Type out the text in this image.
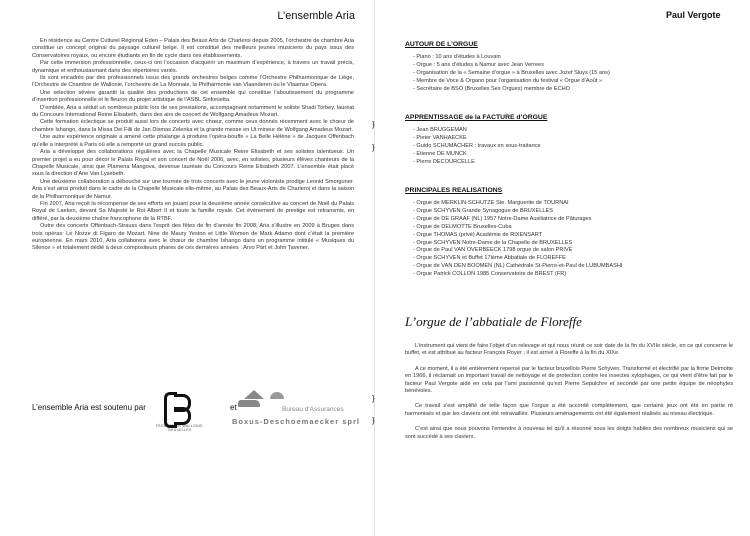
L’ensemble Aria

En résidence au Centre Culturel Régional Eden – Palais des Beaux Arts de Charleroi depuis 2005, l’orchestre de chambre Aria constitue un concept original du paysage culturel belge. Il est constitué des meilleurs jeunes musiciens du pays issus des Conservatoires royaux, ou encore étudiants en fin de cycle dans ces établissements.

Par cette immersion professionnelle, ceux-ci ont l’occasion d’acquérir un maximum d’expérience, à travers un travail précis, dynamique et enthousiasmant dans des répertoires variés.

Ils sont encadrés par des professionnels issus des grands orchestres belges comme l’Orchestre Philharmonique de Liège, l’Orchestre de Chambre de Wallonie, l’orchestre de La Monnaie, la Philharmonie van Vlaanderen ou le Vlaamse Opera.

Une sélection sévère garantit la qualité des productions de cet ensemble qui constitue l’aboutissement du programme d’insertion professionnelle et le fleuron du projet artistique de l’ASBL Sinfonietta.

D’emblée, Aria a séduit un nombreux public lors de ses prestations, accompagnant notamment le soliste Shadi Torbey, lauréat du Concours International Reine Elisabeth, dans des airs de concert de Wolfgang Amadeus Mozart.

Cette formation éclectique se produit aussi lors de concerts avec chœur, comme ceux donnés récemment avec le chœur de chambre Ishango, dans la Missa Dei Filii de Jan Dismas Zelenka et la grande messe en Ut mineur de Wolfgang Amadeus Mozart.

Une autre expérience originale a amené cette phalange à produire l’opéra-bouffe « La Belle Hélène » de Jacques Offenbach qu’elle a interprété à Paris où elle a remporté un grand succès public.

Aria a développé des collaborations régulières avec la Chapelle Musicale Reine Elisabeth et ses solistes talentueux. Un premier projet a eu pour décor le Palais Royal et son concert de Noël 2006, avec, en solistes, plusieurs élèves chanteurs de la Chapelle Musicale, ainsi que Plamena Mangova, devenue lauréate du Concours Reine Elisabeth 2007. L’ensemble était placé sous la direction d’Arie Van Lysebeth.

Une deuxième collaboration a débouché sur une tournée de trois concerts avec le jeune violoniste prodige Leonid Smorguner. Aria s’est ainsi produit dans le cadre de la Chapelle Musicale elle-même, au Palais des Beaux-Arts de Charleroi et dans la saison de la Philharmonique de Namur.

Fin 2007, Aria reçoit la récompense de ses efforts en jouant pour la deuxième année consécutive au concert de Noël du Palais Royal de Laeken, devant Sa Majesté le Roi Albert II et toute la famille royale. Cet événement de prestige est retransmis, en différé, par la deuxième chaîne francophone de la RTBF.

Outre des concerts Offenbach-Strauss dans l’esprit des fêtes de fin d’année fin 2008, Aria s’illustre en 2009 à Bruges dans trois opéras: Le Nozze di Figaro de Mozart, Nine de Maury Yeston et Little Women de Mark Adamo dont c’était la première européenne. En mars 2010, Aria collaborera avec le chœur de chambre Ishango dans un programme intitulé « Musiques du Silence » et totalement dédié à deux compositeurs phares de ces dernières années : Arvo Pärt et John Tavener.

L’ensemble Aria est soutenu par
FÉDÉRATION WALLONIE-BRUXELLES
et	Bureau d'Assurances
Boxus-Deschoemaecker sprl
Paul Vergote
AUTOUR DE L’ORGUE
- Piano : 10 ans d’études à Louvain
- Orgue : 5 ans d’études à Namur avec Jean Verrees
- Organisation de la « Semaine d’orgue » à Bruxelles avec Jozef Sluys (15 ans)
- Membre de Voce & Organo pour l’organisation du festival « Orgue d’Août »
- Secrétaire de BSO (Bruxelles Ses Orgues) membre de ECHO
APPRENTISSAGE de la FACTURE d’ORGUE
- Jean BRUGGEMAN
- Pieter VANHAECKE
- Guido SCHUMACHER : travaux en sous-traitance
- Etienne DE MUNCK
- Pierre DECOURCELLE
PRINCIPALES REALISATIONS
- Orgue de MERKLIN-SCHUTZE Ste. Marguerite de TOURNAI
- Orgue SCHYVEN Grande Synagogue de BRUXELLES
- Orgue de DE GRAAF (NL) 1957 Notre-Dame Auxiliatrice de Pâturages
- Orgue de DELMOTTE Bruxelles-Cuba
- Orgue THOMAS (privé) Académie de RIXENSART
- Orgue SCHYVEN Notre-Dame de la Chapelle de BRUXELLES
- Orgue de Paul VAN OVERBEECK 1798 orgue de salon PRIVE
- Orgue SCHYVEN et Buffet 17ième Abbatiale de FLOREFFE
- Orgue de VAN DEN BOOMEN (NL) Cathédrale St-Pierre-et-Paul de LUBUMBASHI
- Orgue Patrick COLLON 1985 Conservatoire de BREST (FR)
L’orgue de l’abbatiale de Floreffe

L’instrument qui vient de faire l’objet d’un relevage et qui nous réunit ce soir date de la fin du XVIIe siècle, en ce qui concerne le buffet, et est attribué au facteur François Royer ; il est arrivé à Floreffe à la fin du XIXe.

A ce moment, il a été entièrement repensé par le facteur bruxellois Pierre Schyven. Transformé et électrifié par la firme Delmotte en 1966, il réclamait un important travail de nettoyage et de protection contre les insectes xylophages, ce qui vient d’être fait par le facteur Paul Vergote aidé en cela par l’ami passionné qu’est Pierre Sepulchre et secondé par une petite équipe de néophytes bénévoles.

Ce travail s’est amplifié de telle façon que l’orgue a été accordé complètement, que certains jeux ont été en partie ré harmonisés et que les claviers ont été retravaillés. Plusieurs aménagements ont été également réalisés au niveau électrique.

C’est ainsi que nous pouvons l’entendre à nouveau tel qu’il a résonné sous les doigts habiles des nombreux musiciens qui se sont succédé à ses claviers.

}
}
}
}
